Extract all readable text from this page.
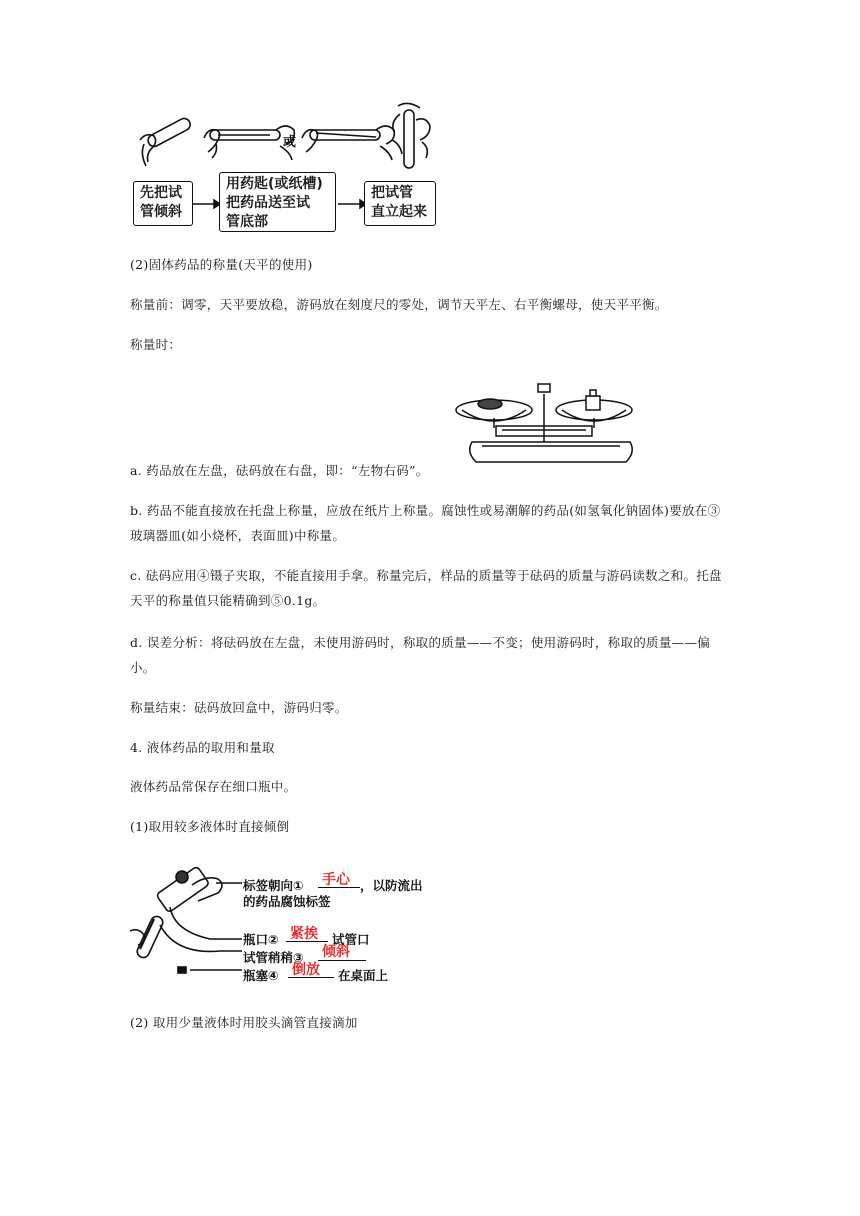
或
先把试
管倾斜
用药匙(或纸槽)
把药品送至试
管底部
把试管
直立起来
(2)固体药品的称量(天平的使用)
称量前：调零，天平要放稳，游码放在刻度尺的零处，调节天平左、右平衡螺母，使天平平衡。
称量时：
a. 药品放在左盘，砝码放在右盘，即：“左物右码”。
b. 药品不能直接放在托盘上称量，应放在纸片上称量。腐蚀性或易潮解的药品(如氢氧化钠固体)要放在③玻璃器皿(如小烧杯，表面皿)中称量。
c. 砝码应用④镊子夹取，不能直接用手拿。称量完后，样品的质量等于砝码的质量与游码读数之和。托盘天平的称量值只能精确到⑤0.1g。
d. 误差分析：将砝码放在左盘，未使用游码时，称取的质量——不变；使用游码时，称取的质量——偏小。
称量结束：砝码放回盒中，游码归零。
4. 液体药品的取用和量取
液体药品常保存在细口瓶中。
(1)取用较多液体时直接倾倒
标签朝向① 手心 ，以防流出
的药品腐蚀标签
瓶口② 紧挨 试管口
试管稍稍③ 倾斜
瓶塞④ 倒放 在桌面上
(2) 取用少量液体时用胶头滴管直接滴加
